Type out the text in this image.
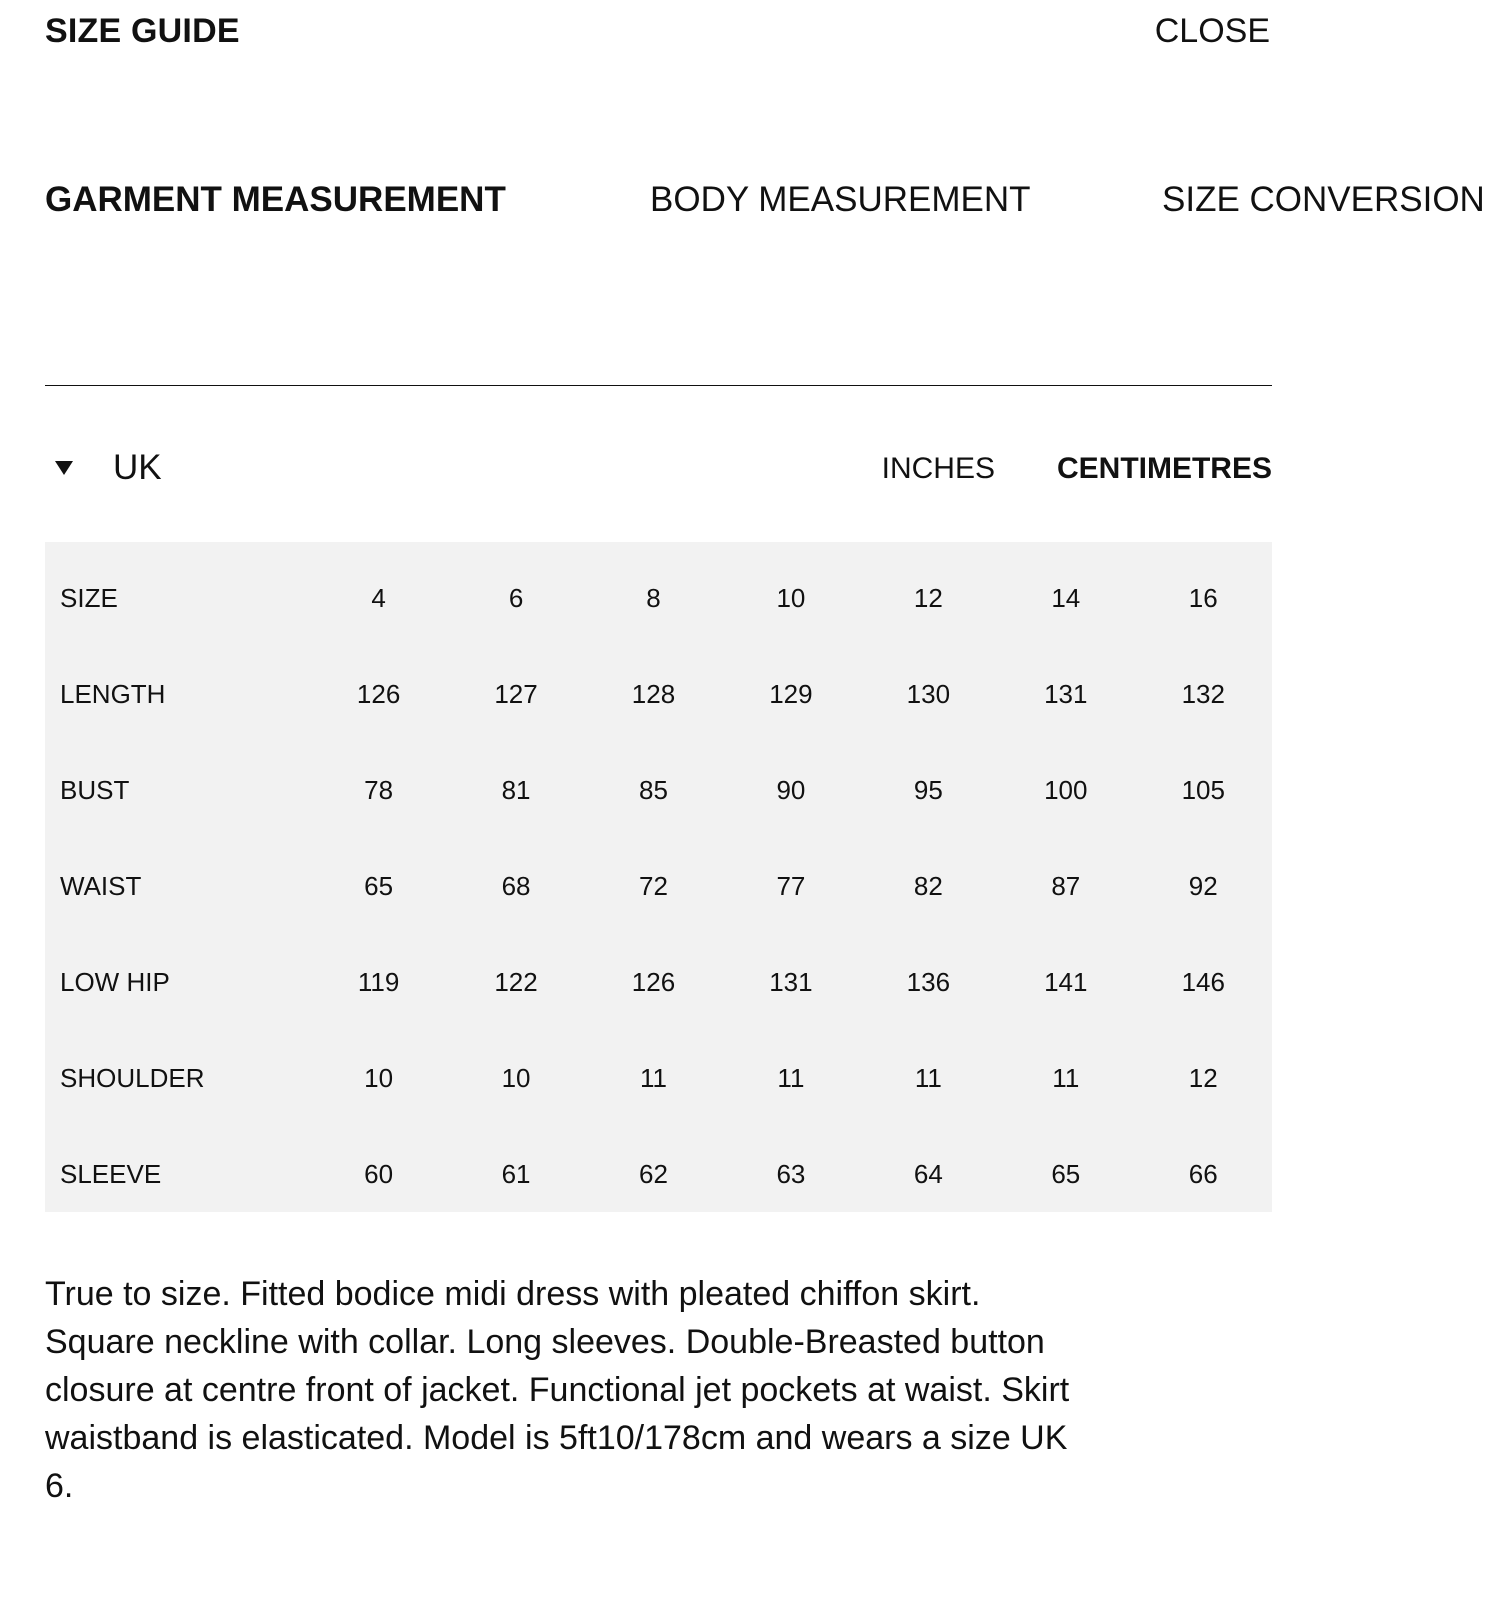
SIZE GUIDE	CLOSE
GARMENT MEASUREMENT	BODY MEASUREMENT	SIZE CONVERSION
UK	INCHES CENTIMETRES
SIZE	4	6	8	10	12	14	16
LENGTH	126	127	128	129	130	131	132
BUST	78	81	85	90	95	100	105
WAIST	65	68	72	77	82	87	92
LOW HIP	119	122	126	131	136	141	146
SHOULDER	10	10	11	11	11	11	12
SLEEVE	60	61	62	63	64	65	66
True to size. Fitted bodice midi dress with pleated chiffon skirt. Square neckline with collar. Long sleeves. Double-Breasted button closure at centre front of jacket. Functional jet pockets at waist. Skirt waistband is elasticated. Model is 5ft10/178cm and wears a size UK 6.
